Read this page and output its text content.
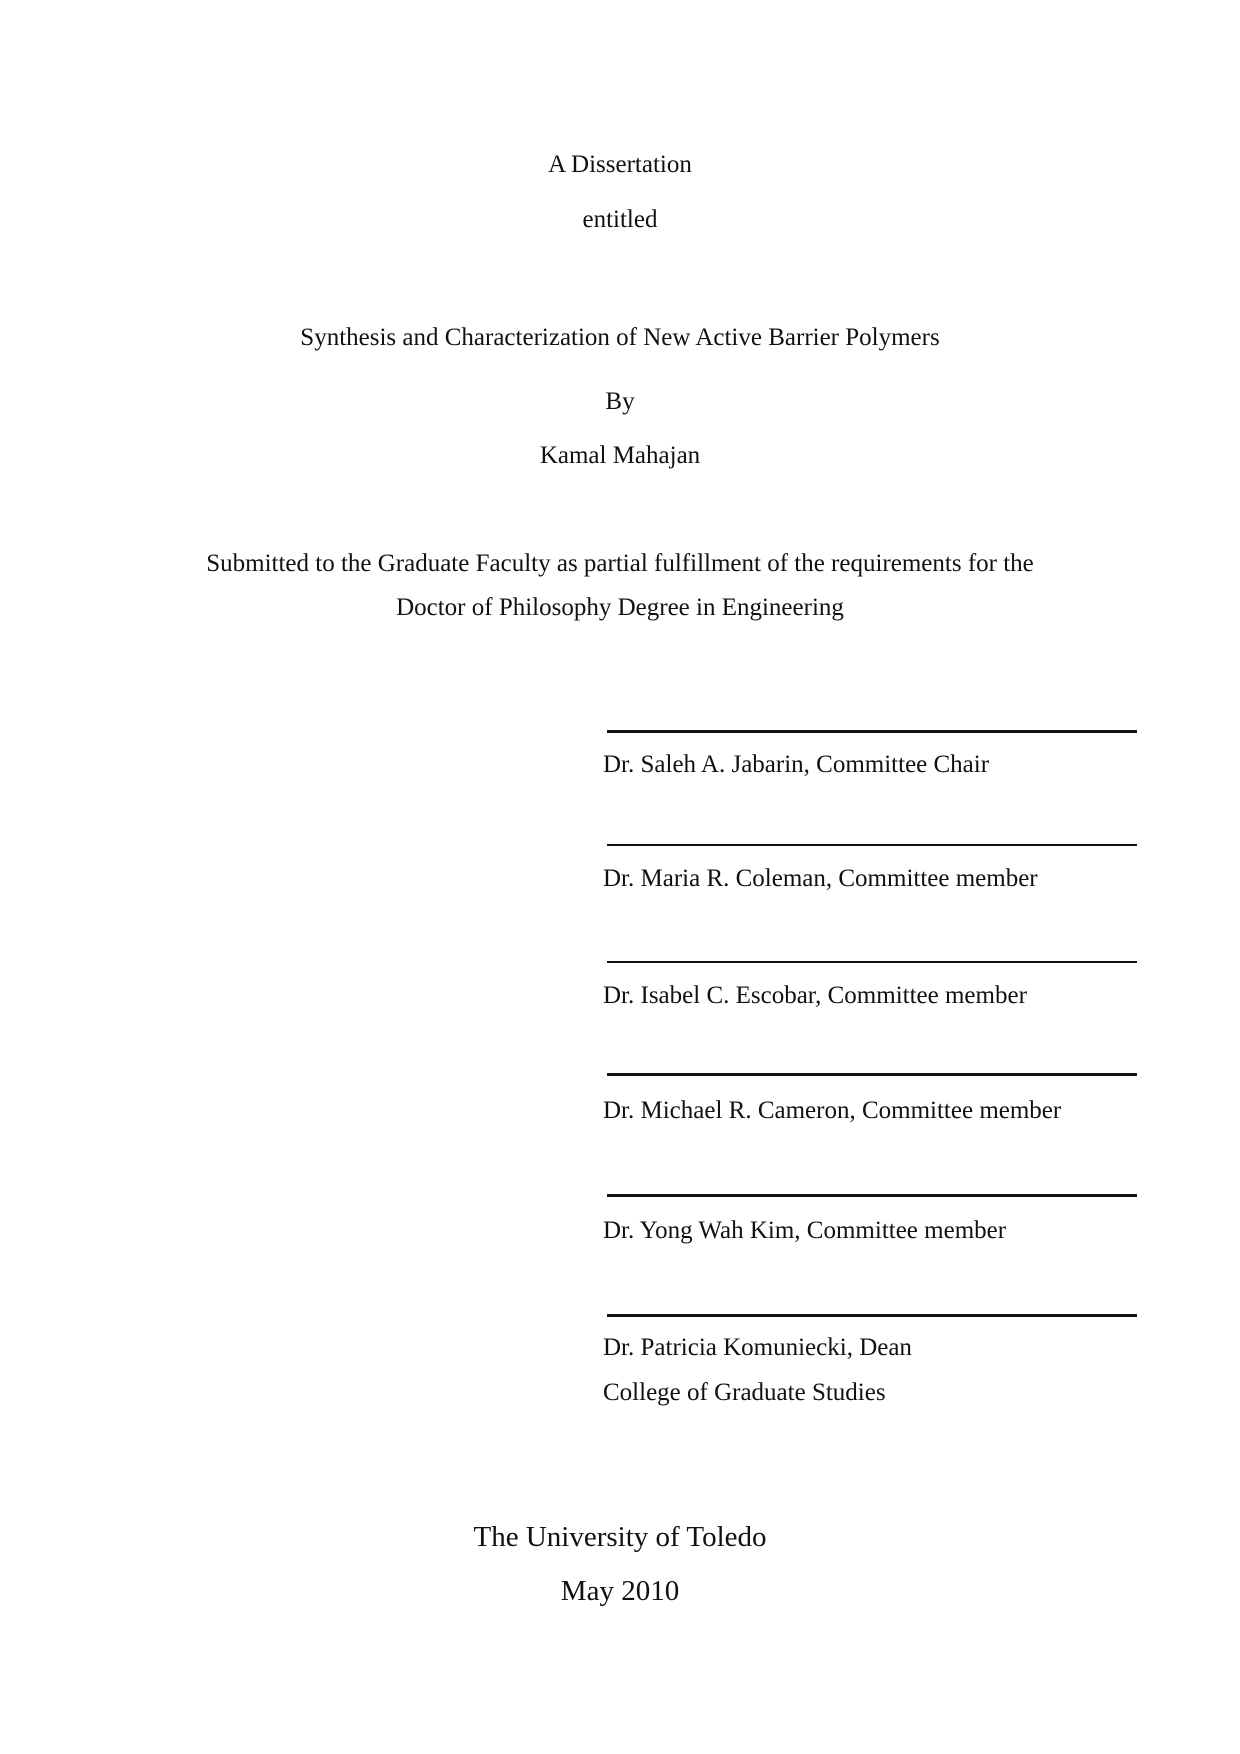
A Dissertation
entitled
Synthesis and Characterization of New Active Barrier Polymers
By
Kamal Mahajan
Submitted to the Graduate Faculty as partial fulfillment of the requirements for the
Doctor of Philosophy Degree in Engineering
Dr. Saleh A. Jabarin, Committee Chair
Dr. Maria R. Coleman, Committee member
Dr. Isabel C. Escobar, Committee member
Dr. Michael R. Cameron, Committee member
Dr. Yong Wah Kim, Committee member
Dr. Patricia Komuniecki, Dean
College of Graduate Studies
The University of Toledo
May 2010
